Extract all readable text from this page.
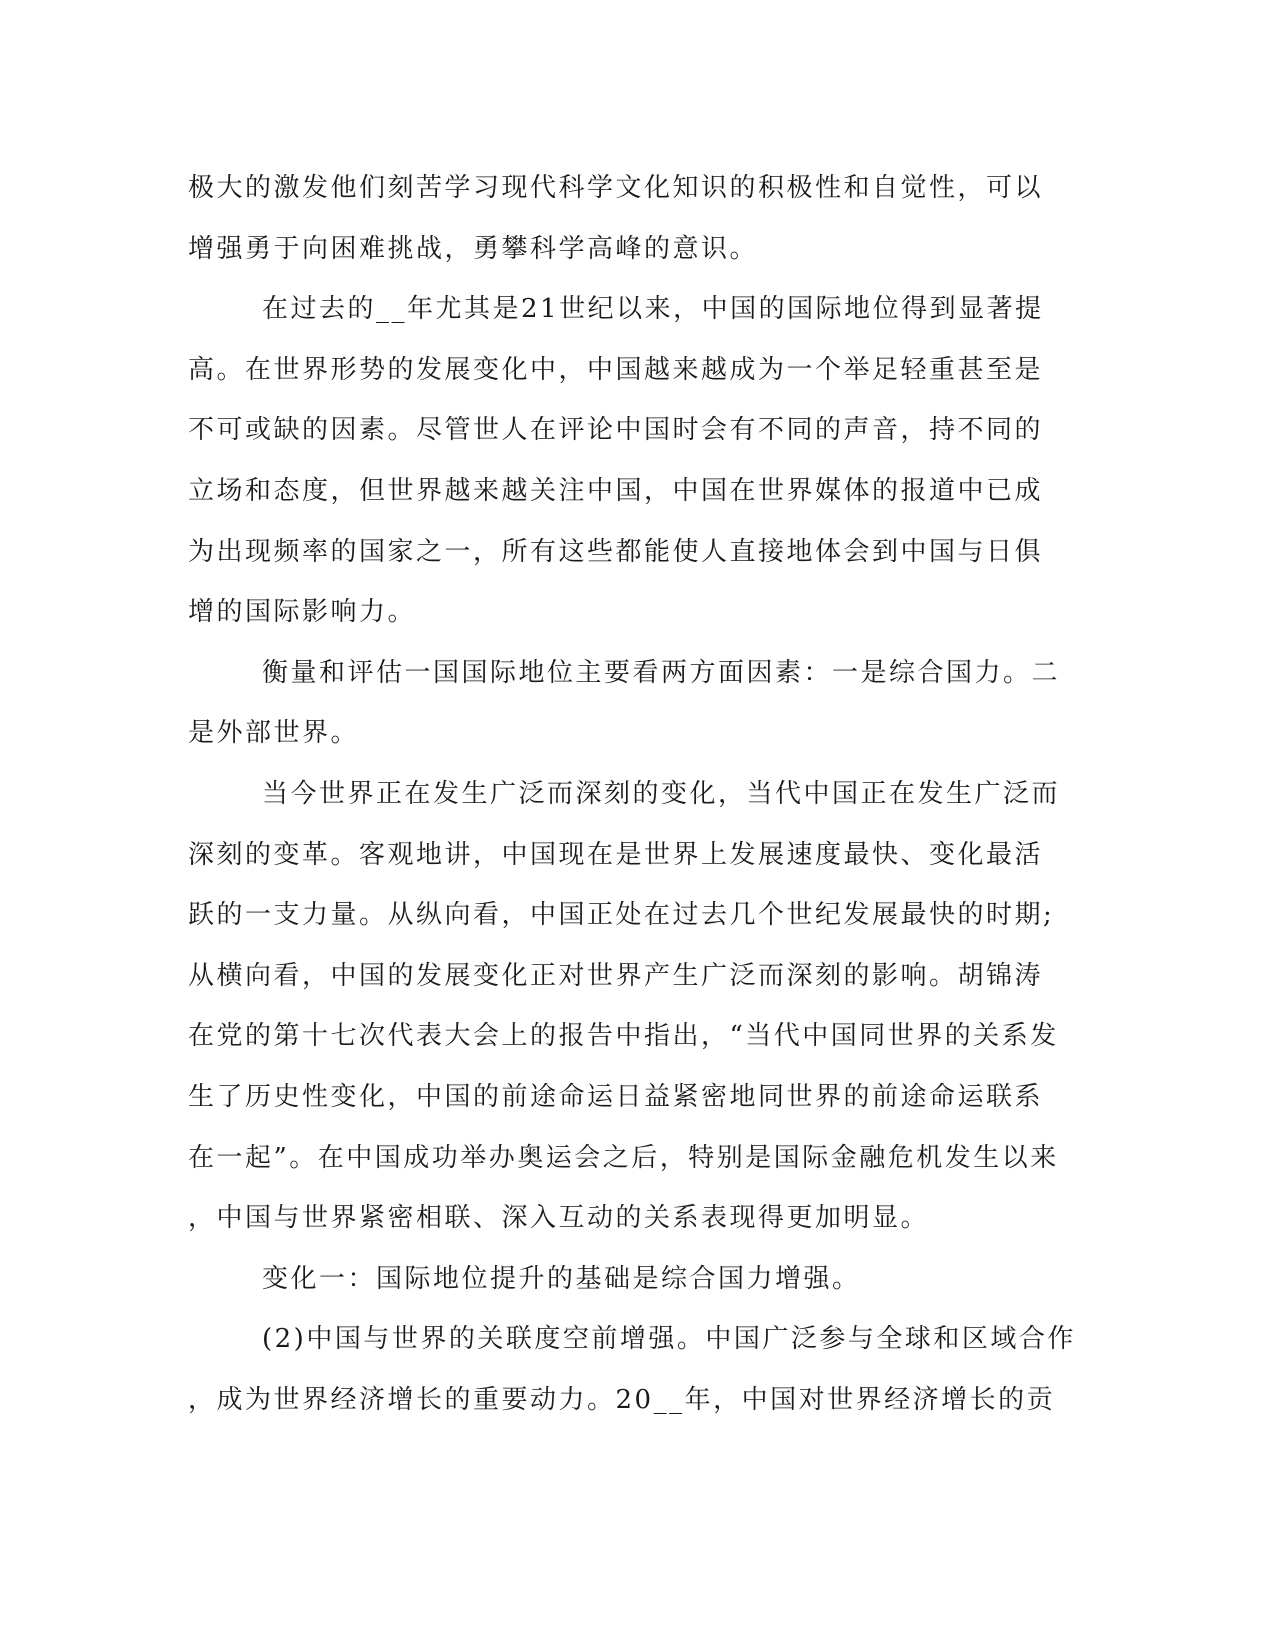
极大的激发他们刻苦学习现代科学文化知识的积极性和自觉性，可以
增强勇于向困难挑战，勇攀科学高峰的意识。
在过去的__年尤其是21世纪以来，中国的国际地位得到显著提
高。在世界形势的发展变化中，中国越来越成为一个举足轻重甚至是
不可或缺的因素。尽管世人在评论中国时会有不同的声音，持不同的
立场和态度，但世界越来越关注中国，中国在世界媒体的报道中已成
为出现频率的国家之一，所有这些都能使人直接地体会到中国与日俱
增的国际影响力。
衡量和评估一国国际地位主要看两方面因素：一是综合国力。二
是外部世界。
当今世界正在发生广泛而深刻的变化，当代中国正在发生广泛而
深刻的变革。客观地讲，中国现在是世界上发展速度最快、变化最活
跃的一支力量。从纵向看，中国正处在过去几个世纪发展最快的时期;
从横向看，中国的发展变化正对世界产生广泛而深刻的影响。胡锦涛
在党的第十七次代表大会上的报告中指出，“当代中国同世界的关系发
生了历史性变化，中国的前途命运日益紧密地同世界的前途命运联系
在一起”。在中国成功举办奥运会之后，特别是国际金融危机发生以来
，中国与世界紧密相联、深入互动的关系表现得更加明显。
变化一：国际地位提升的基础是综合国力增强。
(2)中国与世界的关联度空前增强。中国广泛参与全球和区域合作
，成为世界经济增长的重要动力。20__年，中国对世界经济增长的贡
